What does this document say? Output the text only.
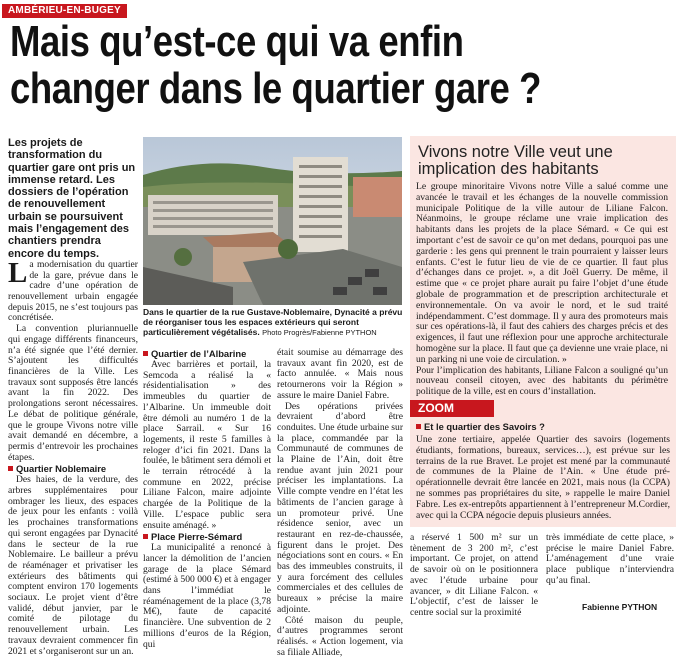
AMBÉRIEU-EN-BUGEY
Mais qu’est-ce qui va enfin
changer dans le quartier gare ?

Les projets de transformation du quartier gare ont pris un immense retard. Les dossiers de l’opération de renouvellement urbain se poursuivent mais l’engagement des chantiers prendra encore du temps.

La modernisation du quartier de la gare, prévue dans le cadre d’une opération de renouvellement urbain engagée depuis 2015, ne s’est toujours pas concrétisée.

La convention pluriannuelle qui engage différents financeurs, n’a été signée que l’été dernier. S’ajoutent les difficultés financières de la Ville. Les travaux sont supposés être lancés avant la fin 2022. Des prolongations seront nécessaires. Le débat de politique générale, que le groupe Vivons notre ville avait demandé en décembre, a permis d’entrevoir les prochaines étapes.

Quartier Noblemaire

Des haies, de la verdure, des arbres supplémentaires pour ombrager les lieux, des espaces de jeux pour les enfants : voilà les prochaines transformations qui seront engagées par Dynacité dans le secteur de la rue Noblemaire. Le bailleur a prévu de réaménager et privatiser les extérieurs des bâtiments qui comptent environ 170 logements sociaux. Le projet vient d’être validé, début janvier, par le comité de pilotage du renouvellement urbain. Les travaux devraient commencer fin 2021 et s’organiseront sur un an.

Dans le quartier de la rue Gustave-Noblemaire, Dynacité a prévu de réorganiser tous les espaces extérieurs qui seront particulièrement végétalisés. Photo Progrès/Fabienne PYTHON

Quartier de l’Albarine

Avec barrières et portail, la Semcoda a réalisé la « résidentialisation » des immeubles du quartier de l’Albarine. Un immeuble doit être démoli au numéro 1 de la place Sarrail. « Sur 16 logements, il reste 5 familles à reloger d’ici fin 2021. Dans la foulée, le bâtiment sera démoli et le terrain rétrocédé à la commune en 2022, précise Liliane Falcon, maire adjointe chargée de la Politique de la Ville. L’espace public sera ensuite aménagé. »

Place Pierre-Sémard

La municipalité a renoncé à lancer la démolition de l’ancien garage de la place Sémard (estimé à 500 000 €) et à engager dans l’immédiat le réaménagement de la place (3,78 M€), faute de capacité financière. Une subvention de 2 millions d’euros de la Région, qui

était soumise au démarrage des travaux avant fin 2020, est de facto annulée. « Mais nous retournerons voir la Région » assure le maire Daniel Fabre.

Des opérations privées devraient d’abord être conduites. Une étude urbaine sur la place, commandée par la Communauté de communes de la Plaine de l’Ain, doit être rendue avant juin 2021 pour préciser les implantations. La Ville compte vendre en l’état les bâtiments de l’ancien garage à un promoteur privé. Une résidence senior, avec un restaurant en rez-de-chaussée, figurent dans le projet. Des négociations sont en cours. « En bas des immeubles construits, il y aura forcément des cellules commerciales et des cellules de bureaux » précise la maire adjointe.

Côté maison du peuple, d’autres programmes seront réalisés. « Action logement, via sa filiale Alliade,

Vivons notre Ville veut une implication des habitants

Le groupe minoritaire Vivons notre Ville a salué comme une avancée le travail et les échanges de la nouvelle commission municipale Politique de la ville autour de Liliane Falcon. Néanmoins, le groupe réclame une vraie implication des habitants dans les projets de la place Sémard. « Ce qui est important c’est de savoir ce qu’on met dedans, pourquoi pas une garderie : les gens qui prennent le train pourraient y laisser leurs enfants. C’est le futur lieu de vie de ce quartier. Il faut plus d’échanges dans ce projet. », a dit Joël Guerry. De même, il estime que « ce projet phare aurait pu faire l’objet d’une étude globale de programmation et de prescription architecturale et environnementale. On va avoir le nord, et le sud traité indépendamment. C’est dommage. Il y aura des promoteurs mais sur ces opérations-là, il faut des cahiers des charges précis et des exigences, il faut une réflexion pour une approche architecturale homogène sur la place. Il faut que ça devienne une vraie place, ni un parking ni une voie de circulation. »

Pour l’implication des habitants, Liliane Falcon a souligné qu’un nouveau conseil citoyen, avec des habitants du périmètre politique de la ville, est en cours d’installation.

ZOOM
Et le quartier des Savoirs ?
Une zone tertiaire, appelée Quartier des savoirs (logements étudiants, formations, bureaux, services…), est prévue sur les terrains de la rue Bravet. Le projet est mené par la communauté de communes de la Plaine de l’Ain. « Une étude pré-opérationnelle devrait être lancée en 2021, mais nous (la CCPA) ne sommes pas propriétaires du site, » rappelle le maire Daniel Fabre. Les ex-entrepôts appartiennent à l’entrepreneur M.Cordier, avec qui la CCPA négocie depuis plusieurs années.

a réservé 1 500 m² sur un tènement de 3 200 m², c’est important. Ce projet, on attend de savoir où on le positionnera avec l’étude urbaine pour avancer, » dit Liliane Falcon. « L’objectif, c’est de laisser le centre social sur la proximité

très immédiate de cette place, » précise le maire Daniel Fabre. L’aménagement d’une vraie place publique n’interviendra qu’au final.

Fabienne PYTHON
